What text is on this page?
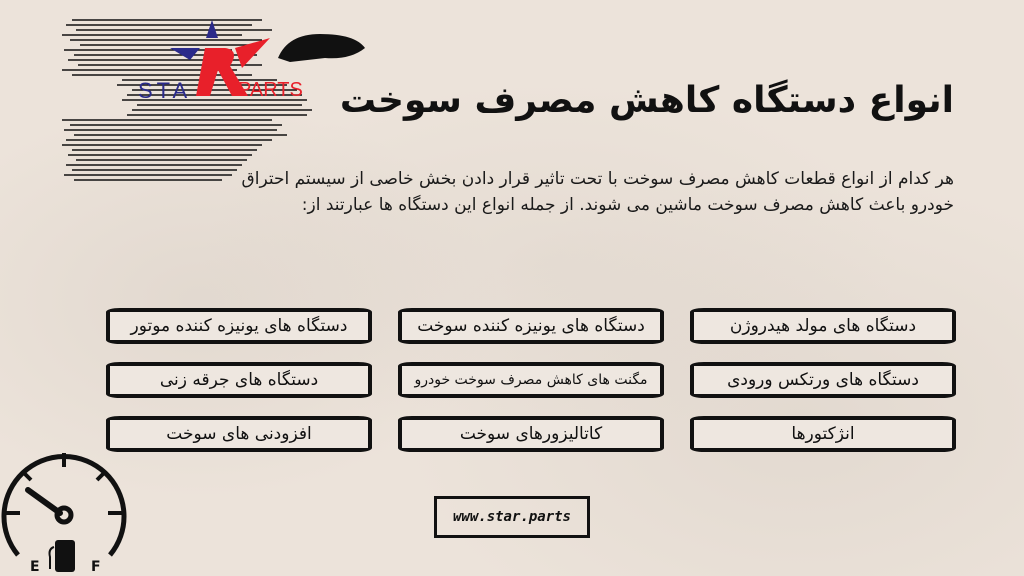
STA PARTS انواع دستگاه کاهش مصرف سوخت
هر کدام از انواع قطعات کاهش مصرف سوخت با تحت تاثیر قرار دادن بخش خاصی از سیستم احتراق خودرو باعث کاهش مصرف سوخت ماشین می شوند. از جمله انواع این دستگاه ها عبارتند از:
دستگاه های مولد هیدروژن
دستگاه های یونیزه کننده سوخت
دستگاه های یونیزه کننده موتور
دستگاه های ورتکس ورودی
مگنت های کاهش مصرف سوخت خودرو
دستگاه های جرقه زنی
انژکتورها
کاتالیزورهای سوخت
افزودنی های سوخت
www.star.parts
E	F
